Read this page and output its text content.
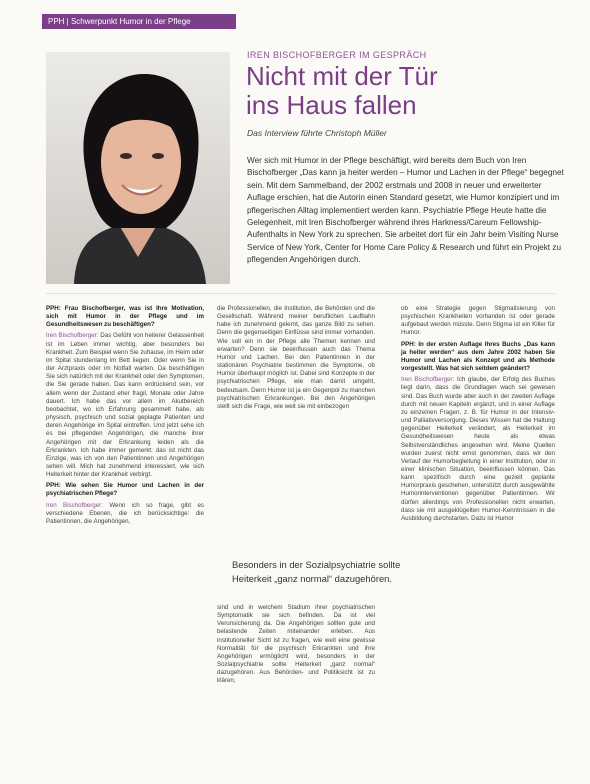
PPH | Schwerpunkt Humor in der Pflege
IREN BISCHOFBERGER IM GESPRÄCH
Nicht mit der Tür
ins Haus fallen
Das Interview führte Christoph Müller

Wer sich mit Humor in der Pflege beschäftigt, wird bereits dem Buch von Iren Bischofberger „Das kann ja heiter werden – Humor und Lachen in der Pflege“ begegnet sein. Mit dem Sammelband, der 2002 erstmals und 2008 in neuer und erweiterter Auflage erschien, hat die Autorin einen Standard gesetzt, wie Humor konzipiert und im pflegerischen Alltag implementiert werden kann. Psychiatrie Pflege Heute hatte die Gelegenheit, mit Iren Bischofberger während ihres Harkness/Careum Fellowship-Aufenthalts in New York zu sprechen. Sie arbeitet dort für ein Jahr beim Visiting Nurse Service of New York, Center for Home Care Policy & Research und führt ein Projekt zu pflegenden Angehörigen durch.

PPH: Frau Bischofberger, was ist Ihre Motivation, sich mit Humor in der Pflege und im Gesundheitswesen zu beschäftigen?

Iren Bischofberger: Das Gefühl von heiterer Gelassenheit ist im Leben immer wichtig, aber besonders bei Krankheit. Zum Beispiel wenn Sie zuhause, im Heim oder im Spital stundenlang im Bett liegen. Oder wenn Sie in der Arztpraxis oder im Notfall warten. Da beschäftigen Sie sich natürlich mit der Krankheit oder den Symptomen, die Sie gerade haben. Das kann erdrückend sein, vor allem wenn der Zustand eher fragil, Monate oder Jahre dauert. Ich habe das vor allem im Akutbereich beobachtet, wo ich Erfahrung gesammelt habe, als physisch, psychisch und sozial geplagte Patienten und deren Angehörige im Spital eintreffen. Und jetzt sehe ich es bei pflegenden Angehörigen, die manche ihrer Angehörigen mit der Erkrankung leiden als die Erkrankten. Ich habe immer gemerkt: das ist nicht das Einzige, was ich von den Patientinnen und Angehörigen sehen will. Mich hat zunehmend interessiert, wie sich Heiterkeit hinter der Krankheit verbirgt.

PPH: Wie sehen Sie Humor und Lachen in der psychiatrischen Pflege?

Iren Bischofberger: Wenn ich so frage, gibt es verschiedene Ebenen, die ich berücksichtige: die Patientinnen, die Angehörigen,

die Professionellen, die Institution, die Behörden und die Gesellschaft. Während meiner beruflichen Laufbahn habe ich zunehmend gelernt, das ganze Bild zu sehen. Denn die gegenseitigen Einflüsse sind immer vorhanden. Wie soll ein in der Pflege alle Themen kennen und erwarten? Denn sie beeinflussen auch das Thema Humor und Lachen. Bei den Patientinnen in der stationären Psychiatrie bestimmen die Symptome, ob Humor überhaupt möglich ist. Dabei sind Konzepte in der psychiatrischen Pflege, wie man damit umgeht, bedeutsam. Denn Humor ist ja ein Gegenpol zu manchen psychiatrischen Erkrankungen. Bei den Angehörigen stellt sich die Frage, wie weit sie mit einbezogen

Besonders in der Sozialpsychiatrie sollte Heiterkeit „ganz normal“ dazugehören.

sind und in welchem Stadium ihrer psychiatrischen Symptomatik sie sich befinden. Da ist viel Verunsicherung da. Die Angehörigen sollten gute und belastende Zeiten miteinander erleben. Aus institutioneller Sicht ist zu fragen, wie weit eine gewisse Normalität für die psychisch Erkrankten und ihre Angehörigen ermöglicht wird, besonders in der Sozialpsychiatrie sollte Heiterkeit „ganz normal“ dazugehören. Aus Behörden- und Politiksicht ist zu klären,

ob eine Strategie gegen Stigmatisierung von psychischen Krankheiten vorhanden ist oder gerade aufgebaut werden müsste. Denn Stigma ist ein Killer für Humor.

PPH: In der ersten Auflage Ihres Buchs „Das kann ja heiter werden“ aus dem Jahre 2002 haben Sie Humor und Lachen als Konzept und als Methode vorgestellt. Was hat sich seitdem geändert?

Iren Bischofberger: Ich glaube, der Erfolg des Buches liegt darin, dass die Grundlagen wach sei gewesen sind. Das Buch wurde aber auch in der zweiten Auflage durch mit neuen Kapiteln ergänzt, und in einer Auflage zu einzelnen Fragen, z. B. für Humor in der Intensiv- und Palliativversorgung. Dieses Wissen hat die Haltung gegenüber Heiterkeit verändert, als Heiterkeit im Gesundheitswesen heute als etwas Selbstverständliches angesehen wird. Meine Quellen wurden zuerst nicht ernst genommen, dass wir den Verlauf der Humorbegleitung in einer Institution, oder in einer klinischen Situation, beeinflussen können. Das kann spezifisch durch eine gezielt geplante Humorpraxis geschehen, unterstützt durch ausgewählte Humorinterventionen gegenüber Patientinnen. Wir dürfen allerdings von Professionellen nicht erwarten, dass sie mit ausgeklügelten Humor-Kenntnissen in die Ausbildung durchstarten. Dazu ist Humor
